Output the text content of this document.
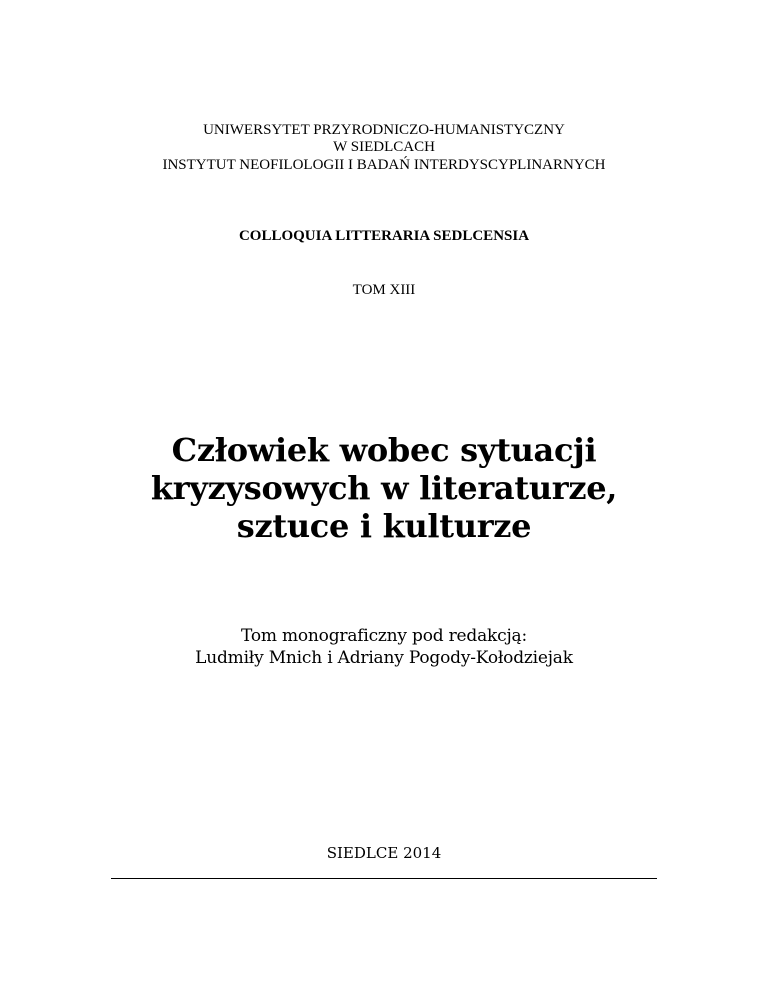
UNIWERSYTET PRZYRODNICZO-HUMANISTYCZNY
W SIEDLCACH
INSTYTUT NEOFILOLOGII I BADAŃ INTERDYSCYPLINARNYCH
COLLOQUIA LITTERARIA SEDLCENSIA
TOM XIII
Człowiek wobec sytuacji
kryzysowych w literaturze,
sztuce i kulturze
Tom monograficzny pod redakcją:
Ludmiły Mnich i Adriany Pogody-Kołodziejak
SIEDLCE 2014
